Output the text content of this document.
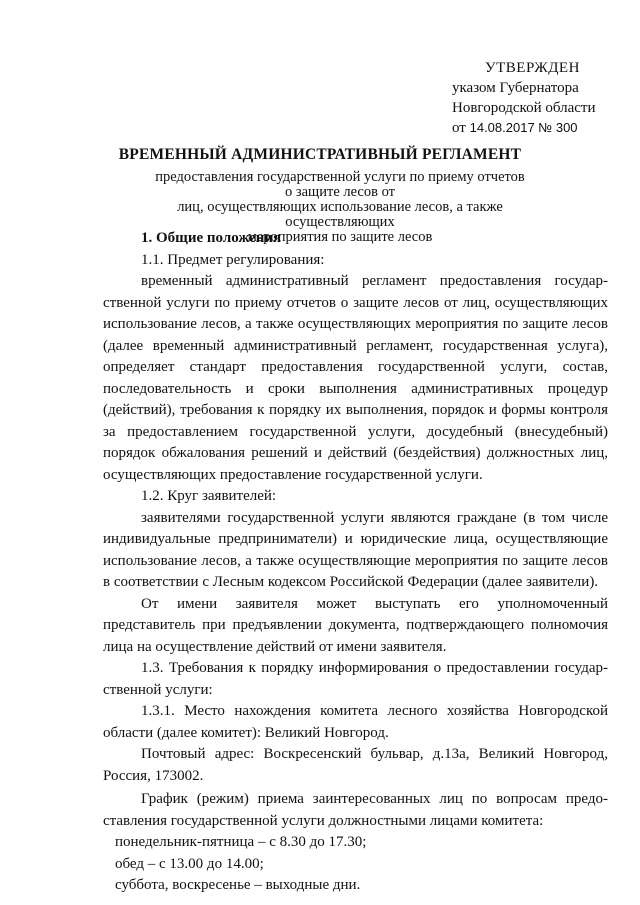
УТВЕРЖДЕН
указом Губернатора
Новгородской области
от 14.08.2017 № 300
ВРЕМЕННЫЙ АДМИНИСТРАТИВНЫЙ РЕГЛАМЕНТ
предоставления государственной услуги по приему отчетов о защите лесов от
лиц, осуществляющих использование лесов, а также осуществляющих
мероприятия по защите лесов
1. Общие положения
1.1. Предмет регулирования:
временный административный регламент предоставления государ-
ственной услуги по приему отчетов о защите лесов от лиц, осуществляющих
использование лесов, а также осуществляющих мероприятия по защите лесов
(далее временный административный регламент, государственная услуга),
определяет стандарт предоставления государственной услуги, состав,
последовательность и сроки выполнения административных процедур
(действий), требования к порядку их выполнения, порядок и формы контроля
за предоставлением государственной услуги, досудебный (внесудебный)
порядок обжалования решений и действий (бездействия) должностных лиц,
осуществляющих предоставление государственной услуги.
1.2. Круг заявителей:
заявителями государственной услуги являются граждане (в том числе
индивидуальные предприниматели) и юридические лица, осуществляющие
использование лесов, а также осуществляющие мероприятия по защите лесов
в соответствии с Лесным кодексом Российской Федерации (далее заявители).
От имени заявителя может выступать его уполномоченный
представитель при предъявлении документа, подтверждающего полномочия
лица на осуществление действий от имени заявителя.
1.3. Требования к порядку информирования о предоставлении государ-
ственной услуги:
1.3.1. Место нахождения комитета лесного хозяйства Новгородской
области (далее комитет): Великий Новгород.
Почтовый адрес: Воскресенский бульвар, д.13а, Великий Новгород,
Россия, 173002.
График (режим) приема заинтересованных лиц по вопросам предо-
ставления государственной услуги должностными лицами комитета:
понедельник-пятница – с 8.30 до 17.30;
обед – с 13.00 до 14.00;
суббота, воскресенье – выходные дни.
